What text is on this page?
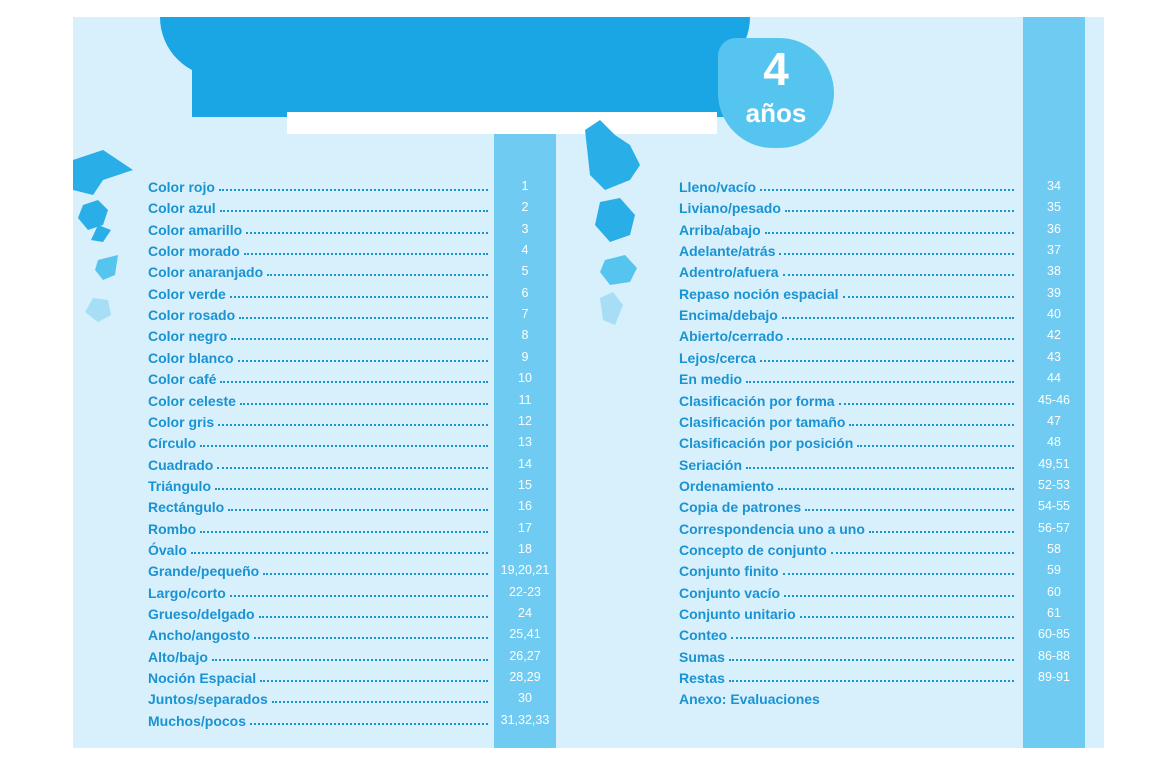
4
años
Color rojo	1
Color azul	2
Color amarillo	3
Color morado	4
Color anaranjado	5
Color verde	6
Color rosado	7
Color negro	8
Color blanco	9
Color café	10
Color celeste	11
Color gris	12
Círculo	13
Cuadrado	14
Triángulo	15
Rectángulo	16
Rombo	17
Óvalo	18
Grande/pequeño	19,20,21
Largo/corto	22-23
Grueso/delgado	24
Ancho/angosto	25,41
Alto/bajo	26,27
Noción Espacial	28,29
Juntos/separados	30
Muchos/pocos	31,32,33
Lleno/vacío	34
Liviano/pesado	35
Arriba/abajo	36
Adelante/atrás	37
Adentro/afuera	38
Repaso noción espacial	39
Encima/debajo	40
Abierto/cerrado	42
Lejos/cerca	43
En medio	44
Clasificación por forma	45-46
Clasificación por tamaño	47
Clasificación por posición	48
Seriación	49,51
Ordenamiento	52-53
Copia de patrones	54-55
Correspondencia uno a uno	56-57
Concepto de conjunto	58
Conjunto finito	59
Conjunto vacío	60
Conjunto unitario	61
Conteo	60-85
Sumas	86-88
Restas	89-91
Anexo: Evaluaciones
